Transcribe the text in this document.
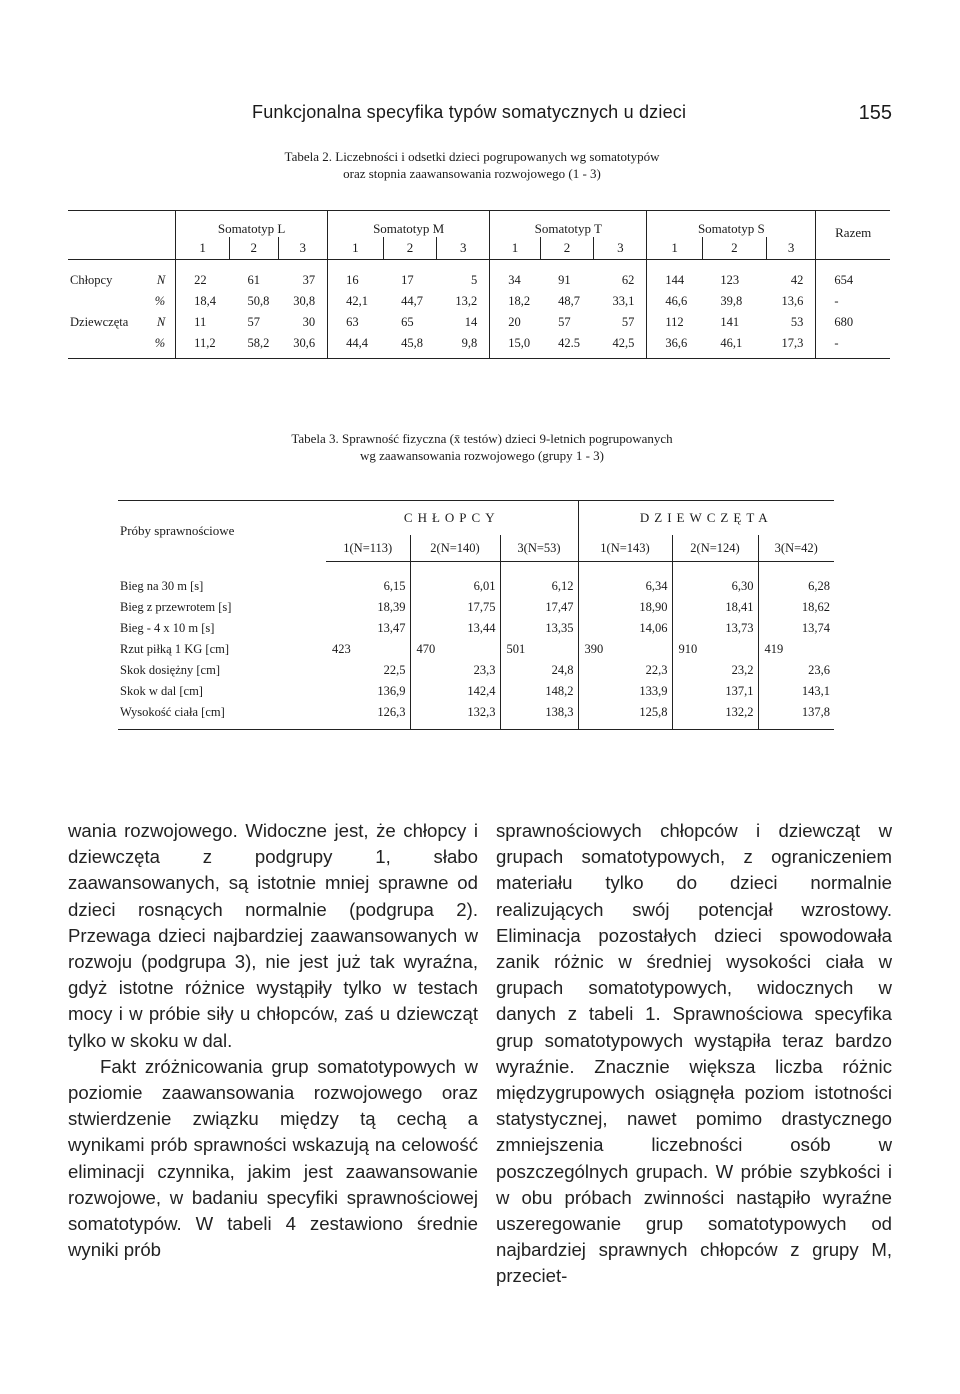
Funkcjonalna specyfika typów somatycznych u dzieci	155
Tabela 2. Liczebności i odsetki dzieci pogrupowanych wg somatotypów
oraz stopnia zaawansowania rozwojowego (1 - 3)
		Somatotyp L			Somatotyp M			Somatotyp T			Somatotyp S			Razem
		1	2	3	1	2	3	1	2	3	1	2	3	
Chłopcy	N	22	61	37	16	17	5	34	91	62	144	123	42	654
	%	18,4	50,8	30,8	42,1	44,7	13,2	18,2	48,7	33,1	46,6	39,8	13,6	-
Dziewczęta	N	11	57	30	63	65	14	20	57	57	112	141	53	680
	%	11,2	58,2	30,6	44,4	45,8	9,8	15,0	42.5	42,5	36,6	46,1	17,3	-
Tabela 3. Sprawność fizyczna (x̄ testów) dzieci 9-letnich pogrupowanych
wg zaawansowania rozwojowego (grupy 1 - 3)
Próby sprawnościowe	CHŁOPCY			DZIEWCZĘTA		
	1(N=113)	2(N=140)	3(N=53)	1(N=143)	2(N=124)	3(N=42)
Bieg na 30 m [s]	6,15	6,01	6,12	6,34	6,30	6,28
Bieg z przewrotem [s]	18,39	17,75	17,47	18,90	18,41	18,62
Bieg - 4 x 10 m [s]	13,47	13,44	13,35	14,06	13,73	13,74
Rzut piłką 1 KG [cm]	423	470	501	390	910	419
Skok dosiężny [cm]	22,5	23,3	24,8	22,3	23,2	23,6
Skok w dal [cm]	136,9	142,4	148,2	133,9	137,1	143,1
Wysokość ciała [cm]	126,3	132,3	138,3	125,8	132,2	137,8

wania rozwojowego. Widoczne jest, że chłopcy i dziewczęta z podgrupy 1, słabo zaawansowanych, są istotnie mniej sprawne od dzieci rosnących normalnie (podgrupa 2). Przewaga dzieci najbardziej zaawansowanych w rozwoju (podgrupa 3), nie jest już tak wyraźna, gdyż istotne różnice wystąpiły tylko w testach mocy i w próbie siły u chłopców, zaś u dziewcząt tylko w skoku w dal.

Fakt zróżnicowania grup somatotypowych w poziomie zaawansowania rozwojowego oraz stwierdzenie związku między tą cechą a wynikami prób sprawności wskazują na celowość eliminacji czynnika, jakim jest zaawansowanie rozwojowe, w badaniu specyfiki sprawnościowej somatotypów. W tabeli 4 zestawiono średnie wyniki prób

sprawnościowych chłopców i dziewcząt w grupach somatotypowych, z ograniczeniem materiału tylko do dzieci normalnie realizujących swój potencjał wzrostowy. Eliminacja pozostałych dzieci spowodowała zanik różnic w średniej wysokości ciała w grupach somatotypowych, widocznych w danych z tabeli 1. Sprawnościowa specyfika grup somatotypowych wystąpiła teraz bardzo wyraźnie. Znacznie większa liczba różnic międzygrupowych osiągnęła poziom istotności statystycznej, nawet pomimo drastycznego zmniejszenia liczebności osób w poszczególnych grupach. W próbie szybkości i w obu próbach zwinności nastąpiło wyraźne uszeregowanie grup somatotypowych od najbardziej sprawnych chłopców z grupy M, przeciet-
